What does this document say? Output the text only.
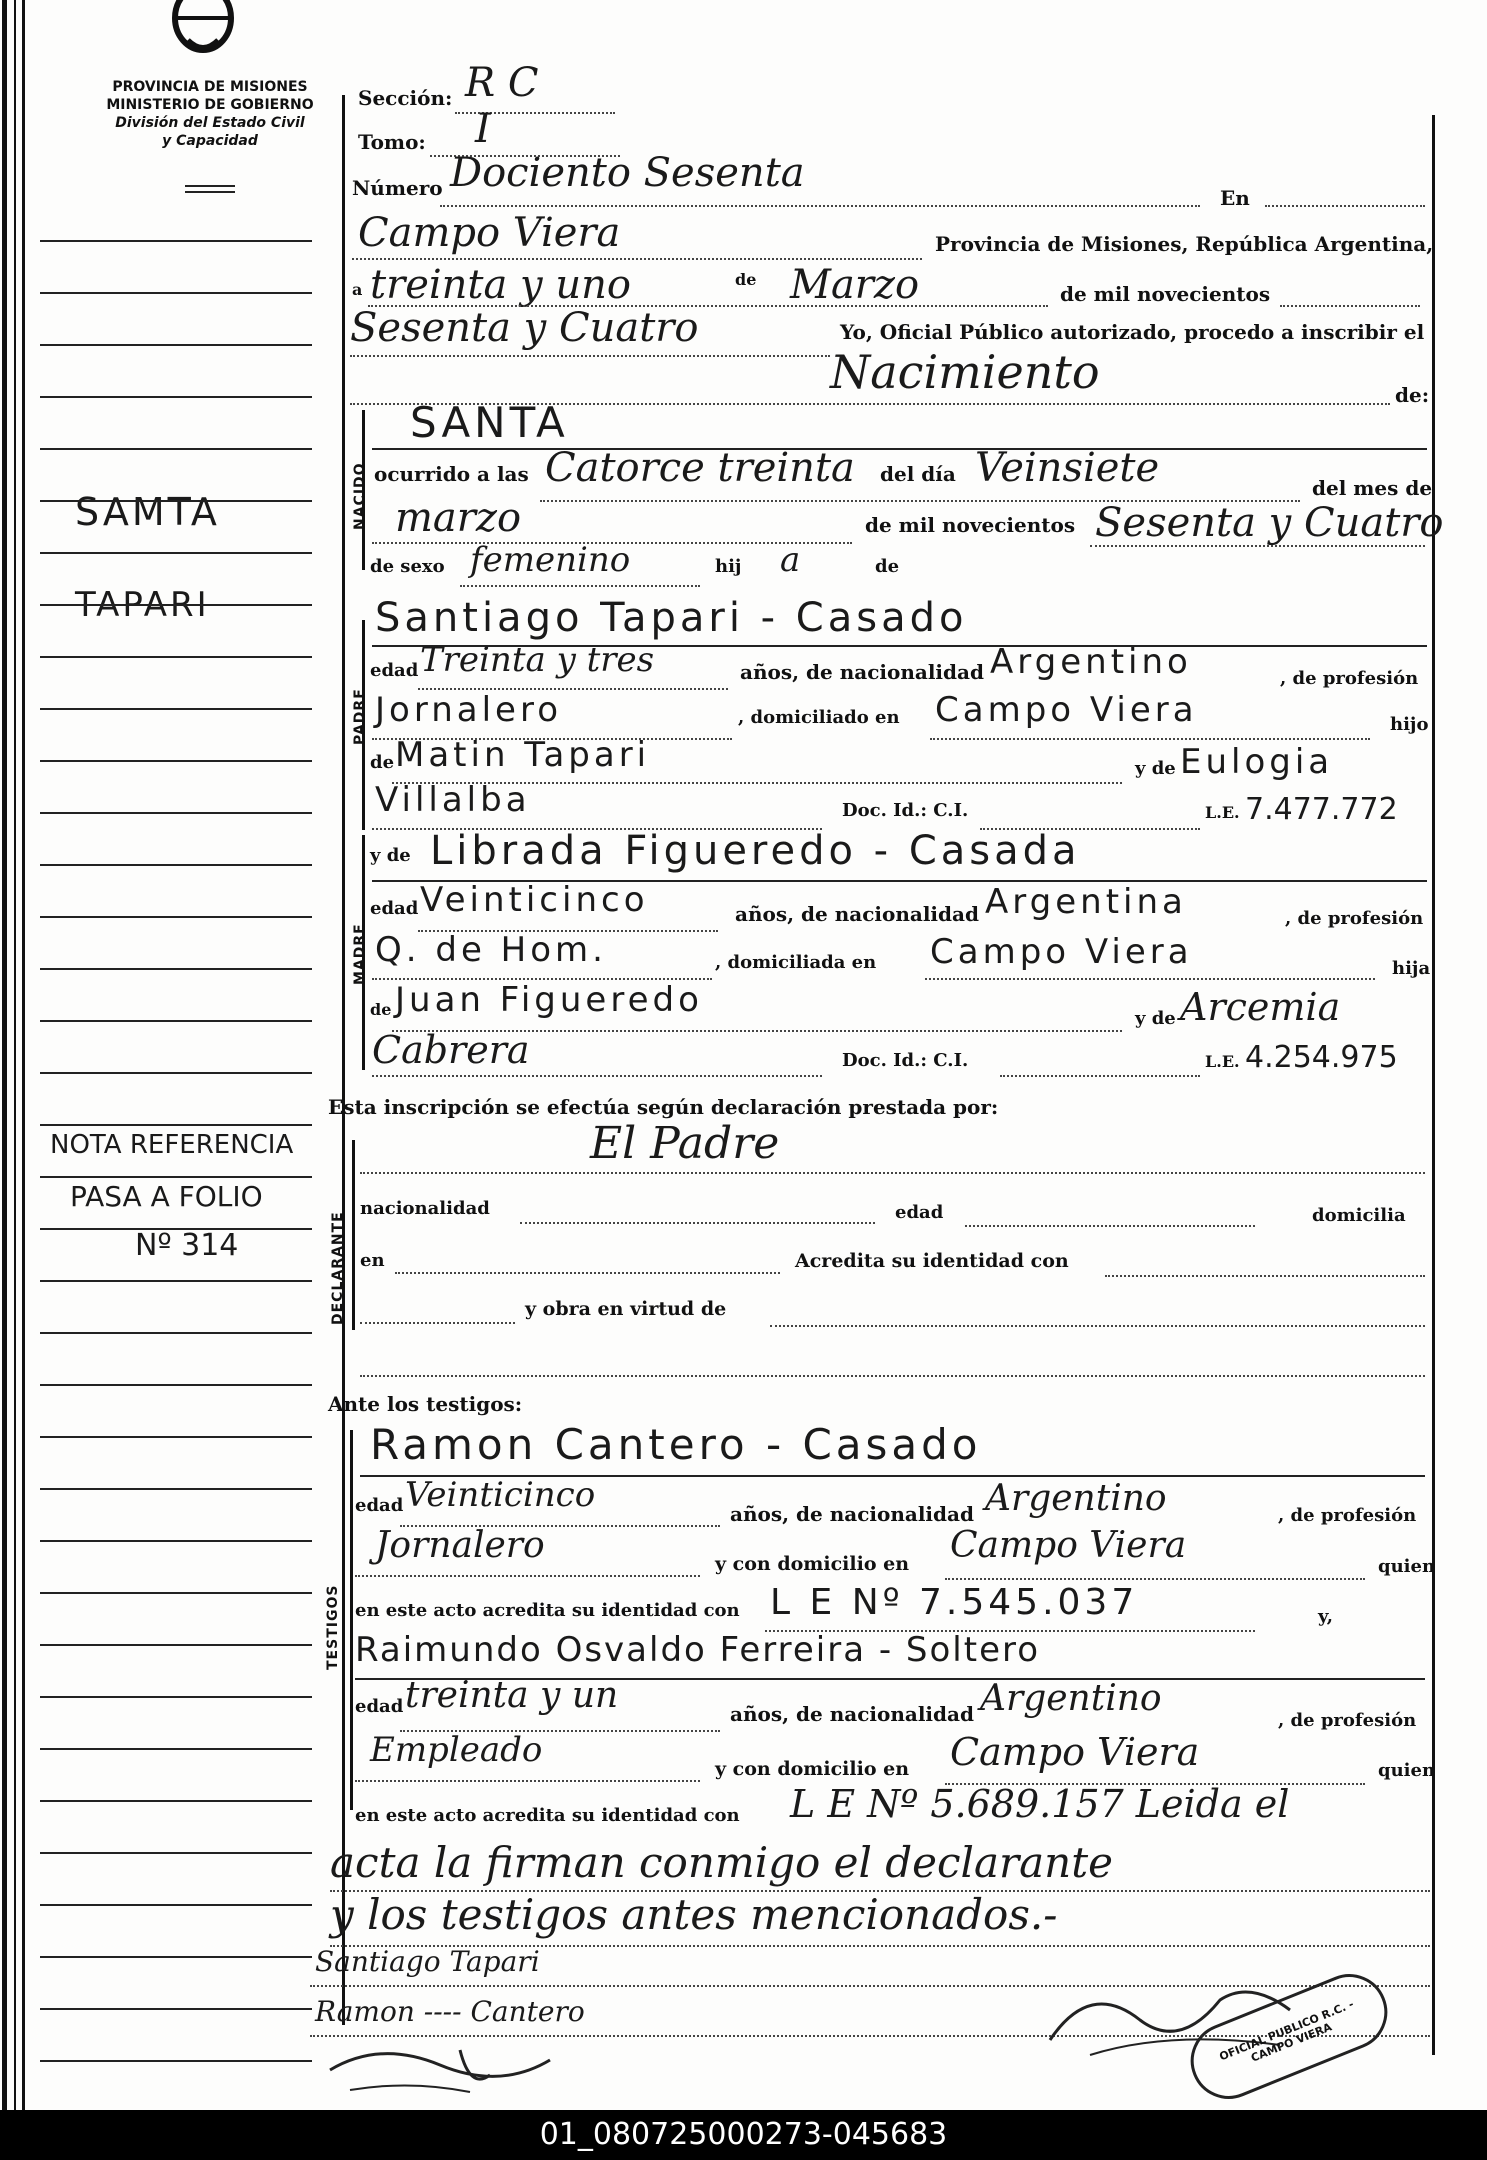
PROVINCIA DE MISIONES
MINISTERIO DE GOBIERNO
División del Estado Civil
y Capacidad
SAMTA
TAPARI
NOTA REFERENCIA
PASA A FOLIO
Nº 314
Sección: R C
Tomo: I
Número Dociento Sesenta
En
Campo Viera	Provincia de Misiones, República Argentina,
a treinta y uno	de Marzo	de mil novecientos
Sesenta y Cuatro	Yo, Oficial Público autorizado, procedo a inscribir el
Nacimiento	de:
NACIDO
SANTA
ocurrido a las Catorce treinta del día Veinsiete	del mes de
marzo	de mil novecientos Sesenta y Cuatro
de sexo femenino	hij a	de
PADRE
Santiago Tapari - Casado
edad Treinta y tres	años, de nacionalidad Argentino	, de profesión
Jornalero	, domiciliado en Campo Viera	hijo
de Matin Tapari	y de Eulogia
Villalba	Doc. Id.: C.I.	L.E. 7.477.772
MADRE
y de Librada Figueredo - Casada
edad Veinticinco	años, de nacionalidad Argentina	, de profesión
Q. de Hom.	, domiciliada en Campo Viera	hija
de Juan Figueredo	y de Arcemia
Cabrera	Doc. Id.: C.I.	L.E. 4.254.975
Esta inscripción se efectúa según declaración prestada por:
DECLARANTE
El Padre
nacionalidad	edad	domicilia
en	Acredita su identidad con
y obra en virtud de
Ante los testigos:
TESTIGOS
Ramon Cantero - Casado
edad Veinticinco	años, de nacionalidad Argentino	, de profesión
Jornalero	y con domicilio en Campo Viera
quien
en este acto acredita su identidad con L E Nº 7.545.037	y,
Raimundo Osvaldo Ferreira - Soltero
edad treinta y un	años, de nacionalidad Argentino
, de profesión
Empleado	y con domicilio en Campo Viera	quien
en este acto acredita su identidad con L E Nº 5.689.157 Leida el
acta la firman conmigo el declarante
y los testigos antes mencionados.-
Santiago Tapari
Ramon ---- Cantero	OFICIAL PUBLICO R.C. - CAMPO VIERA
01_080725000273-045683
